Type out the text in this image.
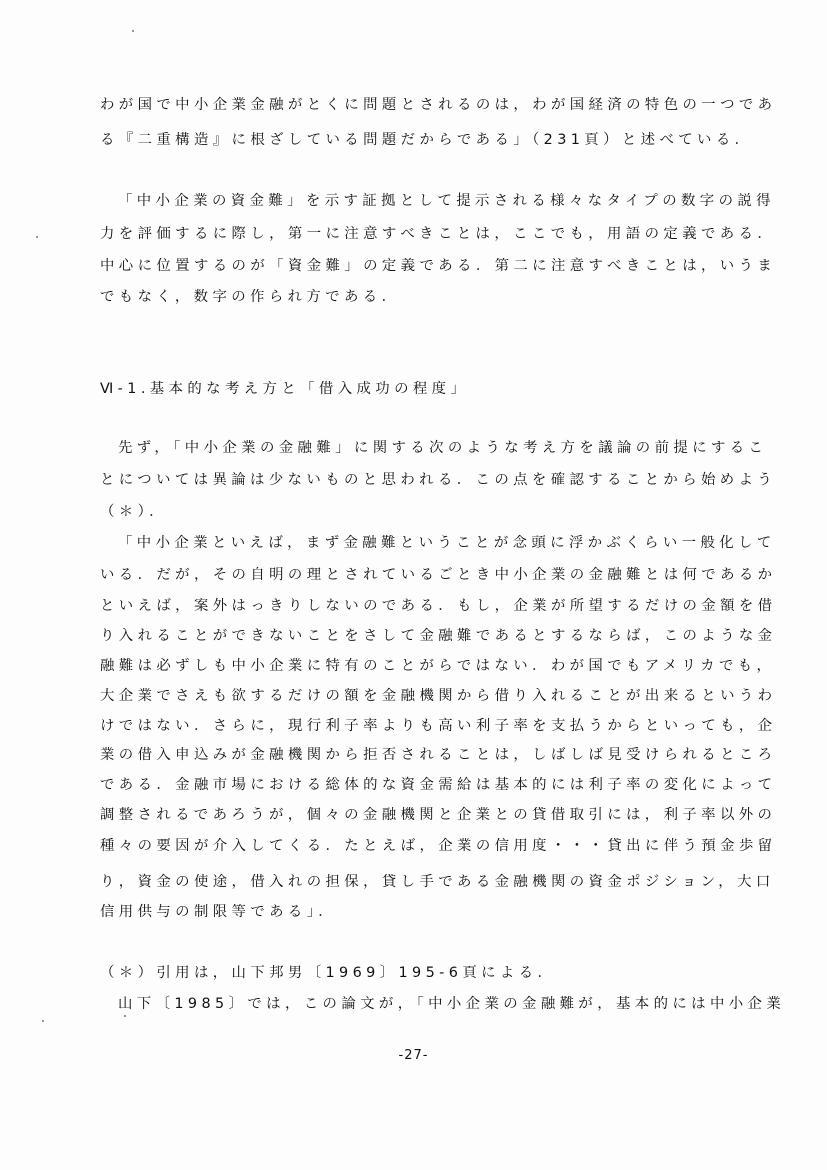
わが国で中小企業金融がとくに問題とされるのは，わが国経済の特色の一つであ
る『二重構造』に根ざしている問題だからである」（231頁）と述べている．
「中小企業の資金難」を示す証拠として提示される様々なタイプの数字の説得
力を評価するに際し，第一に注意すべきことは，ここでも，用語の定義である．
中心に位置するのが「資金難」の定義である．第二に注意すべきことは，いうま
でもなく，数字の作られ方である．
Ⅵ-1.基本的な考え方と「借入成功の程度」
先ず，「中小企業の金融難」に関する次のような考え方を議論の前提にするこ
とについては異論は少ないものと思われる．この点を確認することから始めよう
（＊）．
「中小企業といえば，まず金融難ということが念頭に浮かぶくらい一般化して
いる．だが，その自明の理とされているごとき中小企業の金融難とは何であるか
といえば，案外はっきりしないのである．もし，企業が所望するだけの金額を借
り入れることができないことをさして金融難であるとするならば，このような金
融難は必ずしも中小企業に特有のことがらではない．わが国でもアメリカでも，
大企業でさえも欲するだけの額を金融機関から借り入れることが出来るというわ
けではない．さらに，現行利子率よりも高い利子率を支払うからといっても，企
業の借入申込みが金融機関から拒否されることは，しばしば見受けられるところ
である．金融市場における総体的な資金需給は基本的には利子率の変化によって
調整されるであろうが，個々の金融機関と企業との貸借取引には，利子率以外の
種々の要因が介入してくる．たとえば，企業の信用度・・・貸出に伴う預金歩留
り，資金の使途，借入れの担保，貸し手である金融機関の資金ポジション，大口
信用供与の制限等である」．
（＊）引用は，山下邦男〔1969〕195-6頁による．
山下〔1985〕では，この論文が，「中小企業の金融難が，基本的には中小企業
-27-
